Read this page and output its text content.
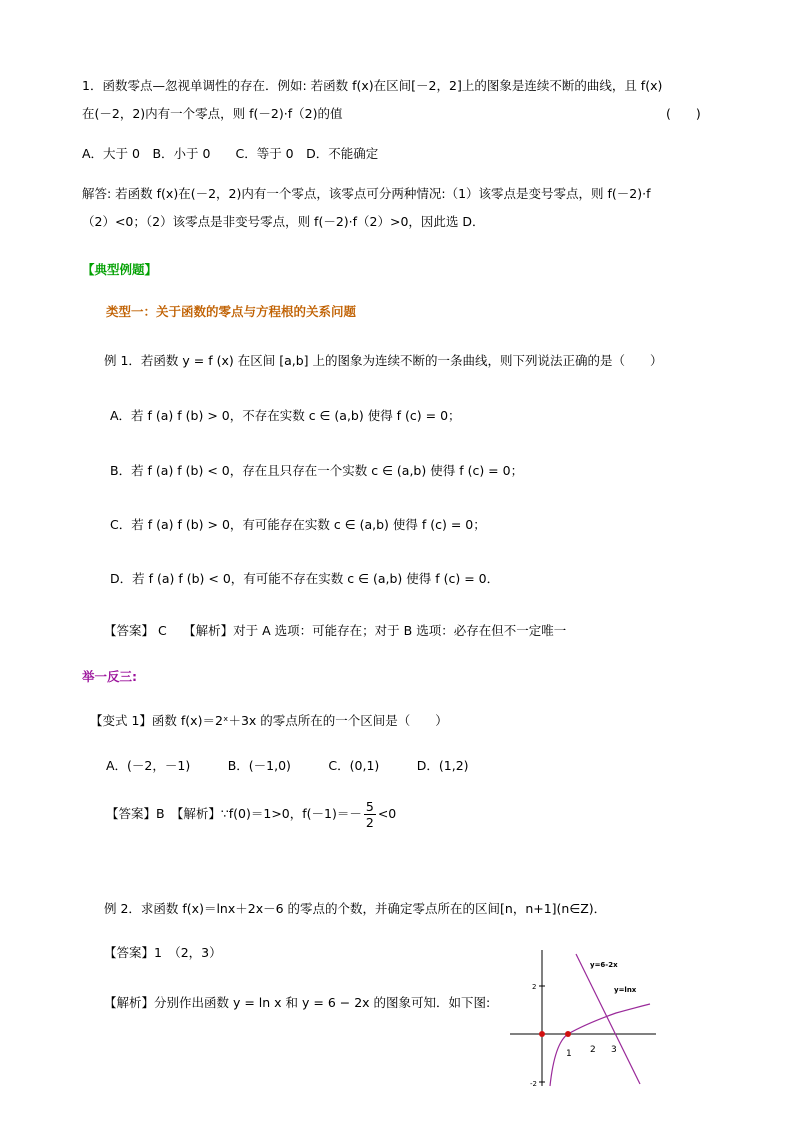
1．函数零点—忽视单调性的存在．例如: 若函数 f(x)在区间[－2，2]上的图象是连续不断的曲线，且 f(x)
在(－2，2)内有一个零点，则 f(－2)·f（2)的值	(　　)
A．大于 0　B．小于 0　　C．等于 0　D．不能确定
解答: 若函数 f(x)在(－2，2)内有一个零点，该零点可分两种情况:（1）该零点是变号零点，则 f(－2)·f
（2）<0；（2）该零点是非变号零点，则 f(－2)·f（2）>0，因此选 D．
【典型例题】
类型一：关于函数的零点与方程根的关系问题
例 1．若函数 y = f (x) 在区间 [a,b] 上的图象为连续不断的一条曲线，则下列说法正确的是（　　）
A．若 f (a) f (b) > 0，不存在实数 c ∈ (a,b) 使得 f (c) = 0；
B．若 f (a) f (b) < 0，存在且只存在一个实数 c ∈ (a,b) 使得 f (c) = 0；
C．若 f (a) f (b) > 0，有可能存在实数 c ∈ (a,b) 使得 f (c) = 0；
D．若 f (a) f (b) < 0，有可能不存在实数 c ∈ (a,b) 使得 f (c) = 0．
【答案】 C　 【解析】对于 A 选项：可能存在；对于 B 选项：必存在但不一定唯一
举一反三:
【变式 1】函数 f(x)＝2ˣ＋3x 的零点所在的一个区间是（　　）
A．(－2，－1)　　　B．(－1,0)　　　C．(0,1)　　　D．(1,2)
【答案】B　【解析】∵f(0)＝1>0，$f(-1)=- \frac{5}{2} <0$
例 2．求函数 f(x)＝lnx＋2x－6 的零点的个数，并确定零点所在的区间[n，n+1](n∈Z)．
【答案】1　（2，3）
【解析】分别作出函数 y = ln x 和 y = 6 − 2x 的图象可知．如下图:
y=6-2x
y=lnx
2
-2
1 2 3
